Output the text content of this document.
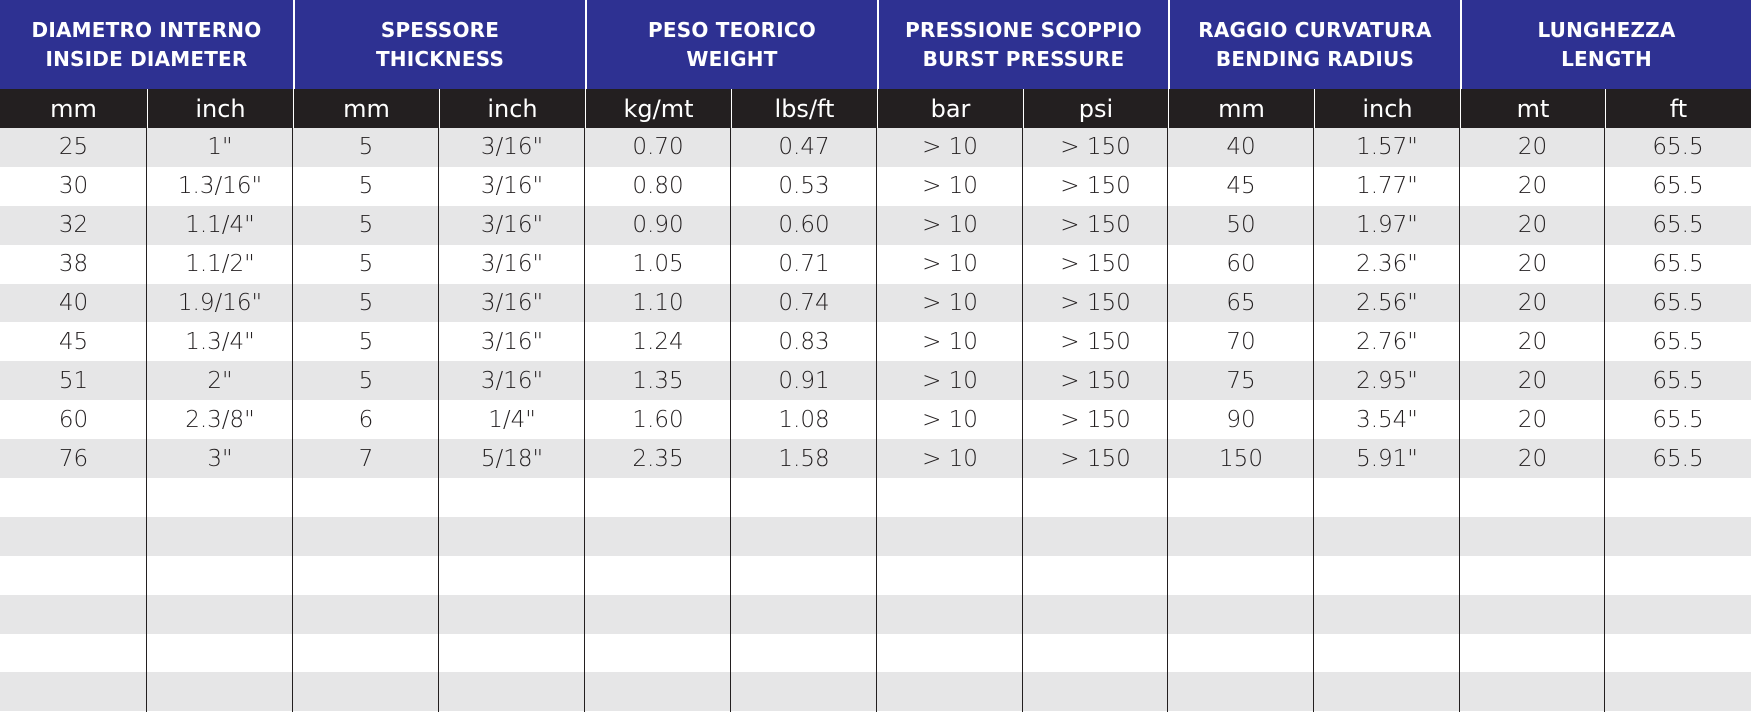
DIAMETRO INTERNO
INSIDE DIAMETER
SPESSORE
THICKNESS
PESO TEORICO
WEIGHT
PRESSIONE SCOPPIO
BURST PRESSURE
RAGGIO CURVATURA
BENDING RADIUS
LUNGHEZZA
LENGTH
mm	inch	mm	inch	kg/mt	lbs/ft	bar	psi	mm	inch	mt	ft
25	1"	5	3/16"	0.70	0.47	> 10	> 150	40	1.57"	20	65.5
30	1.3/16"	5	3/16"	0.80	0.53	> 10	> 150	45	1.77"	20	65.5
32	1.1/4"	5	3/16"	0.90	0.60	> 10	> 150	50	1.97"	20	65.5
38	1.1/2"	5	3/16"	1.05	0.71	> 10	> 150	60	2.36"	20	65.5
40	1.9/16"	5	3/16"	1.10	0.74	> 10	> 150	65	2.56"	20	65.5
45	1.3/4"	5	3/16"	1.24	0.83	> 10	> 150	70	2.76"	20	65.5
51	2"	5	3/16"	1.35	0.91	> 10	> 150	75	2.95"	20	65.5
60	2.3/8"	6	1/4"	1.60	1.08	> 10	> 150	90	3.54"	20	65.5
76	3"	7	5/18"	2.35	1.58	> 10	> 150	150	5.91"	20	65.5
